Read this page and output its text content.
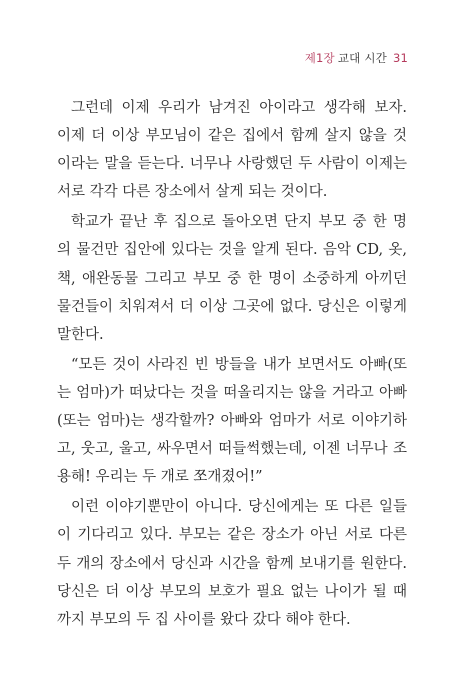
제1장 교대 시간 31

그런데 이제 우리가 남겨진 아이라고 생각해 보자.
이제 더 이상 부모님이 같은 집에서 함께 살지 않을 것
이라는 말을 듣는다. 너무나 사랑했던 두 사람이 이제는
서로 각각 다른 장소에서 살게 되는 것이다.

학교가 끝난 후 집으로 돌아오면 단지 부모 중 한 명
의 물건만 집안에 있다는 것을 알게 된다. 음악 CD, 옷,
책, 애완동물 그리고 부모 중 한 명이 소중하게 아끼던
물건들이 치워져서 더 이상 그곳에 없다. 당신은 이렇게
말한다.

“모든 것이 사라진 빈 방들을 내가 보면서도 아빠(또
는 엄마)가 떠났다는 것을 떠올리지는 않을 거라고 아빠
(또는 엄마)는 생각할까? 아빠와 엄마가 서로 이야기하
고, 웃고, 울고, 싸우면서 떠들썩했는데, 이젠 너무나 조
용해! 우리는 두 개로 쪼개졌어!”

이런 이야기뿐만이 아니다. 당신에게는 또 다른 일들
이 기다리고 있다. 부모는 같은 장소가 아닌 서로 다른
두 개의 장소에서 당신과 시간을 함께 보내기를 원한다.
당신은 더 이상 부모의 보호가 필요 없는 나이가 될 때
까지 부모의 두 집 사이를 왔다 갔다 해야 한다.
